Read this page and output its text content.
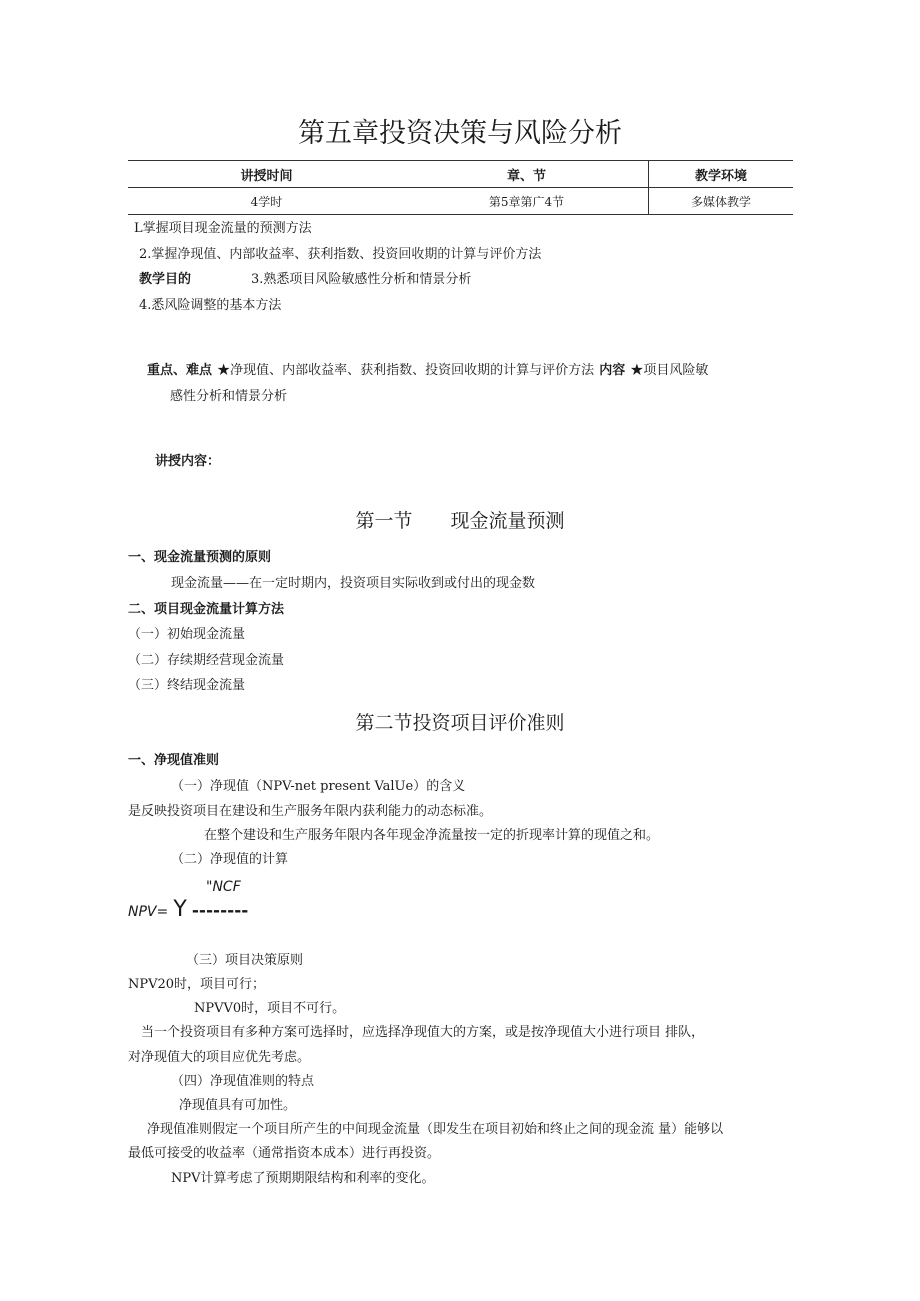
第五章投资决策与风险分析
讲授时间	章、节	教学环境
4学时	第5章第广4节	多媒体教学
L掌握项目现金流量的预测方法
2.掌握净现值、内部收益率、获利指数、投资回收期的计算与评价方法
教学目的	3.熟悉项目风险敏感性分析和情景分析
4.悉风险调整的基本方法
重点、难点 ★净现值、内部收益率、获利指数、投资回收期的计算与评价方法 内容 ★项目风险敏
感性分析和情景分析
讲授内容：
第一节 现金流量预测
一、现金流量预测的原则
现金流量——在一定时期内，投资项目实际收到或付出的现金数
二、项目现金流量计算方法
（一）初始现金流量
（二）存续期经营现金流量
（三）终结现金流量
第二节投资项目评价准则
一、净现值准则
（一）净现值（NPV-net present ValUe）的含义
是反映投资项目在建设和生产服务年限内获利能力的动态标准。
在整个建设和生产服务年限内各年现金净流量按一定的折现率计算的现值之和。
（二）净现值的计算
"NCF
NPV= Y --------
（三）项目决策原则
NPV20时，项目可行；
NPVV0时，项目不可行。
当一个投资项目有多种方案可选择时，应选择净现值大的方案，或是按净现值大小进行项目 排队，
对净现值大的项目应优先考虑。
（四）净现值准则的特点
净现值具有可加性。
净现值准则假定一个项目所产生的中间现金流量（即发生在项目初始和终止之间的现金流 量）能够以
最低可接受的收益率（通常指资本成本）进行再投资。
NPV计算考虑了预期期限结构和利率的变化。
